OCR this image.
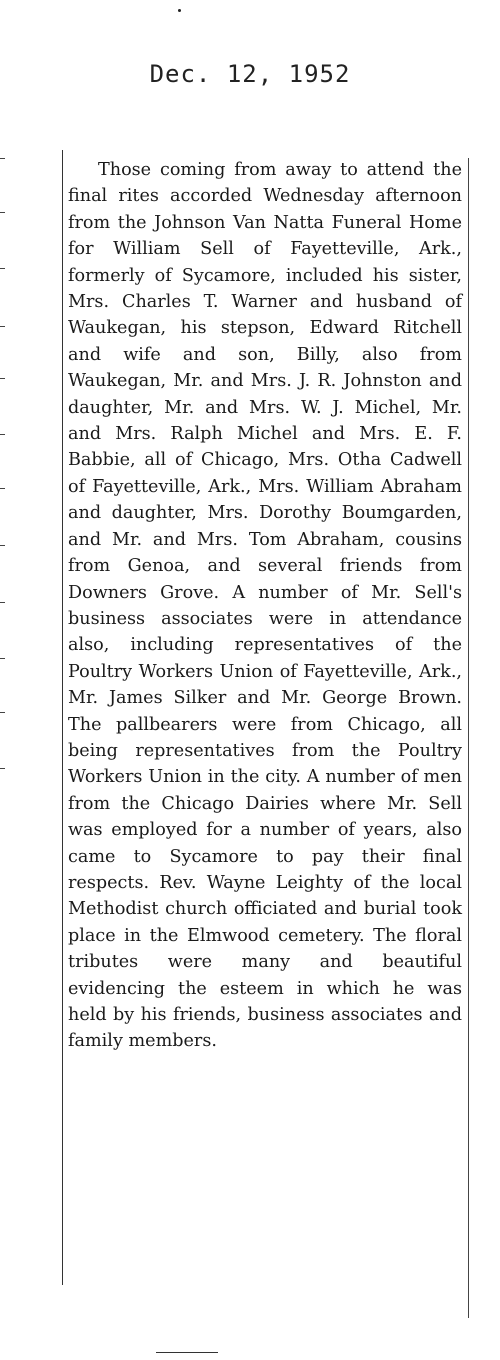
Dec. 12, 1952

Those coming from away to attend the final rites accorded Wednesday afternoon from the Johnson Van Natta Funeral Home for William Sell of Fayetteville, Ark., formerly of Sycamore, included his sister, Mrs. Charles T. Warner and husband of Waukegan, his stepson, Edward Ritchell and wife and son, Billy, also from Waukegan, Mr. and Mrs. J. R. Johnston and daughter, Mr. and Mrs. W. J. Michel, Mr. and Mrs. Ralph Michel and Mrs. E. F. Babbie, all of Chicago, Mrs. Otha Cadwell of Fayetteville, Ark., Mrs. William Abraham and daughter, Mrs. Dorothy Boumgarden, and Mr. and Mrs. Tom Abraham, cousins from Genoa, and several friends from Downers Grove. A number of Mr. Sell's business associates were in attendance also, including representatives of the Poultry Workers Union of Fayetteville, Ark., Mr. James Silker and Mr. George Brown. The pallbearers were from Chicago, all being representatives from the Poultry Workers Union in the city. A number of men from the Chicago Dairies where Mr. Sell was employed for a number of years, also came to Sycamore to pay their final respects. Rev. Wayne Leighty of the local Methodist church officiated and burial took place in the Elmwood cemetery. The floral tributes were many and beautiful evidencing the esteem in which he was held by his friends, business associates and family members.
